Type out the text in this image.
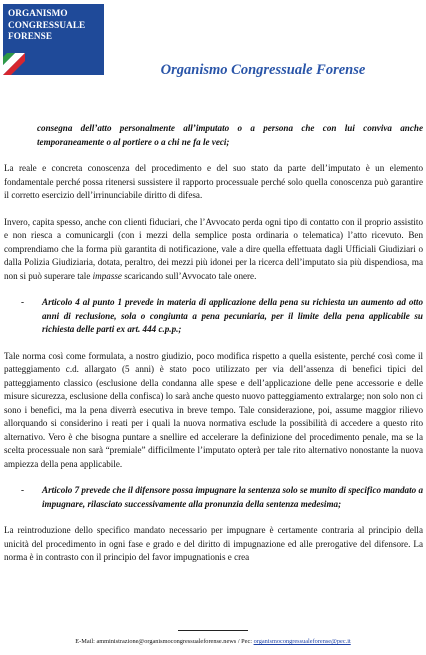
ORGANISMO
CONGRESSUALE
FORENSE
Organismo Congressuale Forense

consegna dell’atto personalmente all’imputato o a persona che con lui conviva anche temporaneamente o al portiere o a chi ne fa le veci;

La reale e concreta conoscenza del procedimento e del suo stato da parte dell’imputato è un elemento fondamentale perché possa ritenersi sussistere il rapporto processuale perché solo quella conoscenza può garantire il corretto esercizio dell’irrinunciabile diritto di difesa.

Invero, capita spesso, anche con clienti fiduciari, che l’Avvocato perda ogni tipo di contatto con il proprio assistito e non riesca a comunicargli (con i mezzi della semplice posta ordinaria o telematica) l’atto ricevuto. Ben comprendiamo che la forma più garantita di notificazione, vale a dire quella effettuata dagli Ufficiali Giudiziari o dalla Polizia Giudiziaria, dotata, peraltro, dei mezzi più idonei per la ricerca dell’imputato sia più dispendiosa, ma non si può superare tale impasse scaricando sull’Avvocato tale onere.

- Articolo 4 al punto 1 prevede in materia di applicazione della pena su richiesta un aumento ad otto anni di reclusione, sola o congiunta a pena pecuniaria, per il limite della pena applicabile su richiesta delle parti ex art. 444 c.p.p.;

Tale norma così come formulata, a nostro giudizio, poco modifica rispetto a quella esistente, perché così come il patteggiamento c.d. allargato (5 anni) è stato poco utilizzato per via dell’assenza di benefici tipici del patteggiamento classico (esclusione della condanna alle spese e dell’applicazione delle pene accessorie e delle misure sicurezza, esclusione della confisca) lo sarà anche questo nuovo patteggiamento extralarge; non solo non ci sono i benefici, ma la pena diverrà esecutiva in breve tempo. Tale considerazione, poi, assume maggior rilievo allorquando si considerino i reati per i quali la nuova normativa esclude la possibilità di accedere a questo rito alternativo. Vero è che bisogna puntare a snellire ed accelerare la definizione del procedimento penale, ma se la scelta processuale non sarà “premiale” difficilmente l’imputato opterà per tale rito alternativo nonostante la nuova ampiezza della pena applicabile.

- Articolo 7 prevede che il difensore possa impugnare la sentenza solo se munito di specifico mandato a impugnare, rilasciato successivamente alla pronunzia della sentenza medesima;

La reintroduzione dello specifico mandato necessario per impugnare è certamente contraria al principio della unicità del procedimento in ogni fase e grado e del diritto di impugnazione ed alle prerogative del difensore. La norma è in contrasto con il principio del favor impugnationis e crea

E-Mail: amministrazione@organismocongressualeforense.news / Pec: organismocongressualeforense@pec.it
